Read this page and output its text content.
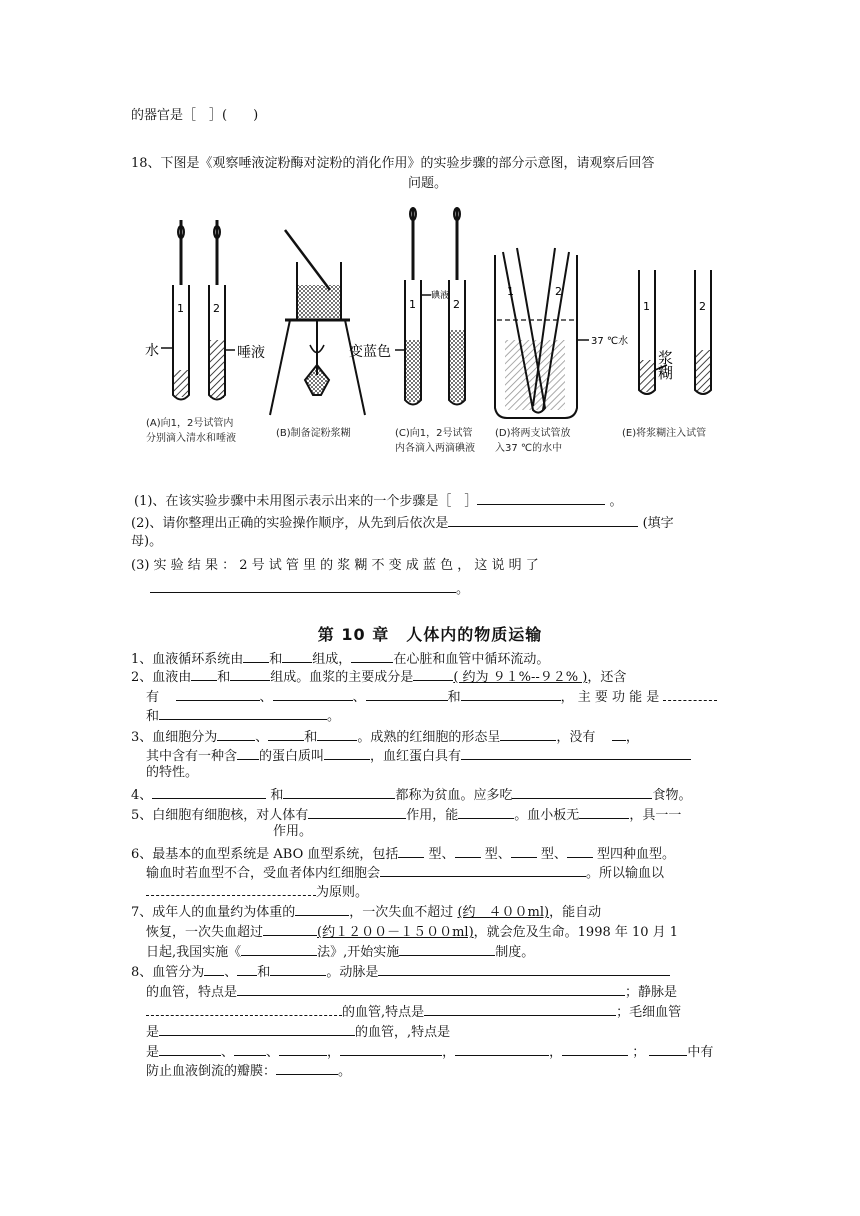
的器官是［　］(　　)
18、下图是《观察唾液淀粉酶对淀粉的消化作用》的实验步骤的部分示意图，请观察后回答
问题。
1	2
水	唾液
1	2
变蓝色
碘液	1	2
37 ℃水
1	2
浆糊
(A)向1，2号试管内
分别滴入清水和唾液	(B)制备淀粉浆糊	(C)向1，2号试管
内各滴入两滴碘液
(D)将两支试管放
入37 ℃的水中
(E)将浆糊注入试管
(1)、在该实验步骤中未用图示表示出来的一个步骤是［　］	。
(2)、请你整理出正确的实验操作顺序，从先到后依次是	(填字
母)。
(3) 实 验 结 果 ： 2 号 试 管 里 的 浆 糊 不 变 成 蓝 色 ， 这 说 明 了
。
第 10 章　人体内的物质运输
1、血液循环系统由 和 组成，	在心脏和血管中循环流动。
2、血液由 和	组成。血浆的主要成分是	( 约为 ９１%--９２% )，还含
有	、	、	和	， 主 要 功 能 是
和	。
3、血细胞分为	、	和	。成熟的红细胞的形态呈	，没有 ，
其中含有一种含 的蛋白质叫	，血红蛋白具有
的特性。
4、	和	都称为贫血。应多吃	食物。
5、白细胞有细胞核，对人体有	作用，能	。血小板无	，具一一
作用。
6、最基本的血型系统是 ABO 血型系统，包括 型、 型、 型、 型四种血型。
输血时若血型不合，受血者体内红细胞会	。所以输血以
为原则。
7、成年人的血量约为体重的	，一次失血不超过 (约　４００ml)，能自动
恢复，一次失血超过	(约１２００－１５００ml)，就会危及生命。1998 年 10 月 1
日起,我国实施《	法》,开始实施	制度。
8、血管分为 、 和	。动脉是
的血管，特点是	；静脉是
的血管,特点是	；毛细血管
是	的血管，,特点是
是	、 、	，	，	，	；	中有
防止血液倒流的瓣膜：	。
